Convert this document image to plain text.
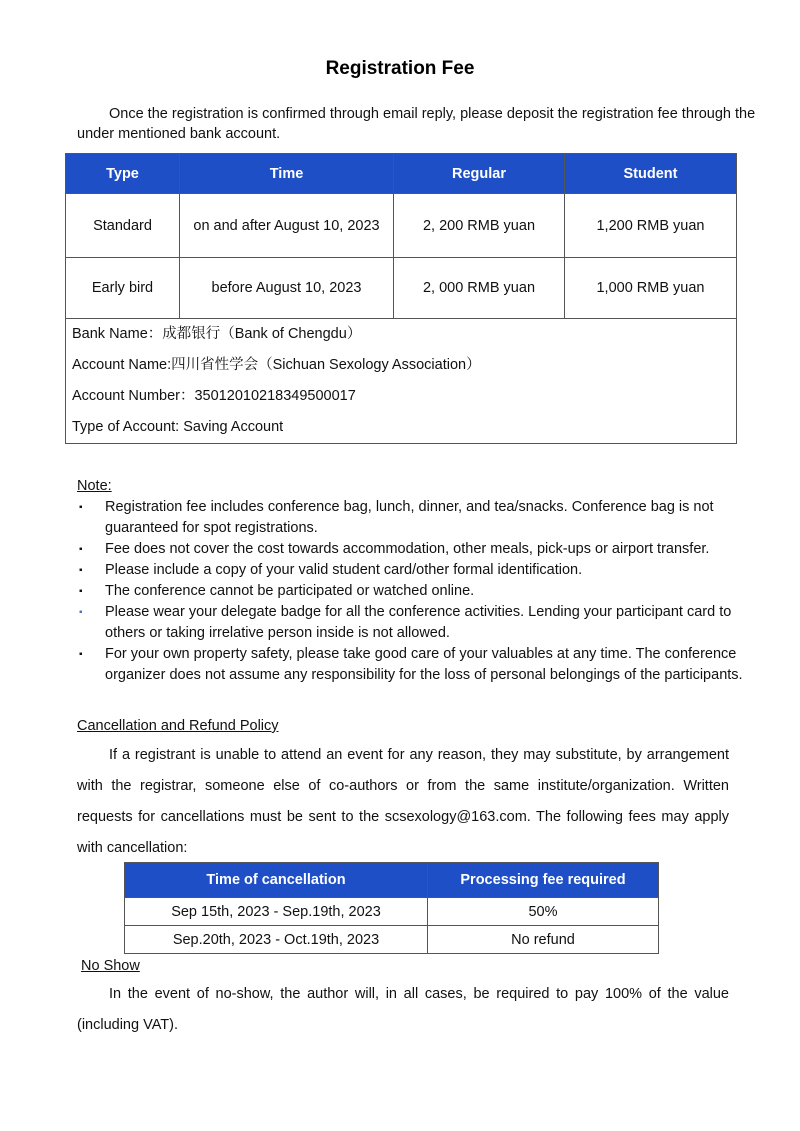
Registration Fee
Once the registration is confirmed through email reply, please deposit the registration fee through the under mentioned bank account.
Type	Time	Regular	Student
Standard	on and after August 10, 2023	2, 200 RMB yuan	1,200 RMB yuan
Early bird	before August 10, 2023	2, 000 RMB yuan	1,000 RMB yuan

Bank Name：成都银行（Bank of Chengdu）
Account Name:四川省性学会（Sichuan Sexology Association）
Account Number：35012010218349500017
Type of Account: Saving Account			
Note:
▪ Registration fee includes conference bag, lunch, dinner, and tea/snacks. Conference bag is not guaranteed for spot registrations.
▪ Fee does not cover the cost towards accommodation, other meals, pick-ups or airport transfer.
▪ Please include a copy of your valid student card/other formal identification.
▪ The conference cannot be participated or watched online.
▪ Please wear your delegate badge for all the conference activities. Lending your participant card to others or taking irrelative person inside is not allowed.
▪ For your own property safety, please take good care of your valuables at any time. The conference organizer does not assume any responsibility for the loss of personal belongings of the participants.
Cancellation and Refund Policy
If a registrant is unable to attend an event for any reason, they may substitute, by arrangement with the registrar, someone else of co-authors or from the same institute/organization. Written requests for cancellations must be sent to the scsexology@163.com. The following fees may apply with cancellation:
Time of cancellation	Processing fee required
Sep 15th, 2023 - Sep.19th, 2023	50%
Sep.20th, 2023 - Oct.19th, 2023	No refund
No Show
In the event of no-show, the author will, in all cases, be required to pay 100% of the value (including VAT).
